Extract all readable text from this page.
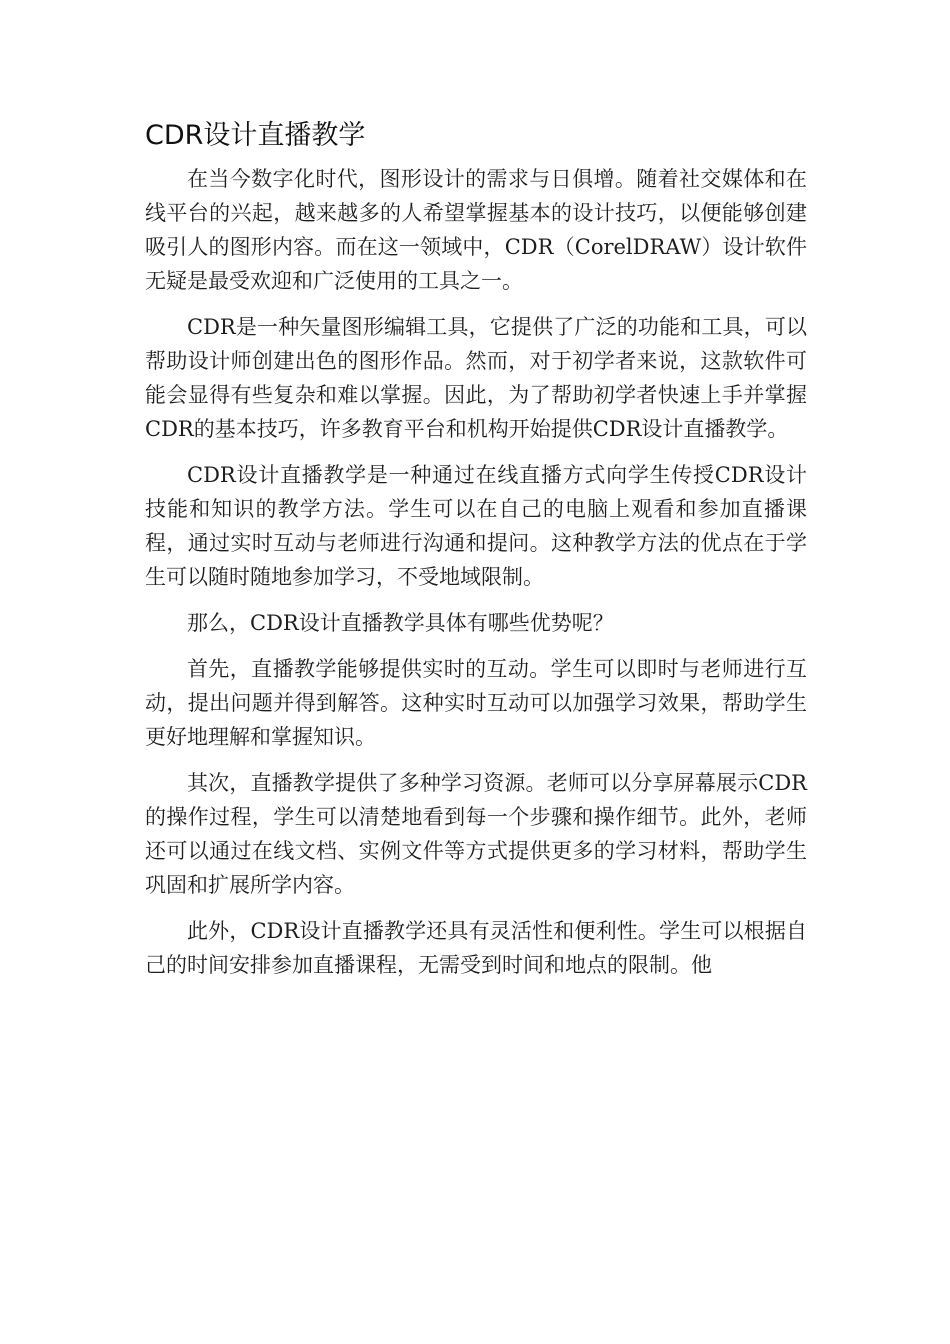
CDR设计直播教学

在当今数字化时代，图形设计的需求与日俱增。随着社交媒体和在线平台的兴起，越来越多的人希望掌握基本的设计技巧，以便能够创建吸引人的图形内容。而在这一领域中，CDR（CorelDRAW）设计软件无疑是最受欢迎和广泛使用的工具之一。

CDR是一种矢量图形编辑工具，它提供了广泛的功能和工具，可以帮助设计师创建出色的图形作品。然而，对于初学者来说，这款软件可能会显得有些复杂和难以掌握。因此，为了帮助初学者快速上手并掌握CDR的基本技巧，许多教育平台和机构开始提供CDR设计直播教学。

CDR设计直播教学是一种通过在线直播方式向学生传授CDR设计技能和知识的教学方法。学生可以在自己的电脑上观看和参加直播课程，通过实时互动与老师进行沟通和提问。这种教学方法的优点在于学生可以随时随地参加学习，不受地域限制。

那么，CDR设计直播教学具体有哪些优势呢？

首先，直播教学能够提供实时的互动。学生可以即时与老师进行互动，提出问题并得到解答。这种实时互动可以加强学习效果，帮助学生更好地理解和掌握知识。

其次，直播教学提供了多种学习资源。老师可以分享屏幕展示CDR的操作过程，学生可以清楚地看到每一个步骤和操作细节。此外，老师还可以通过在线文档、实例文件等方式提供更多的学习材料，帮助学生巩固和扩展所学内容。

此外，CDR设计直播教学还具有灵活性和便利性。学生可以根据自己的时间安排参加直播课程，无需受到时间和地点的限制。他
